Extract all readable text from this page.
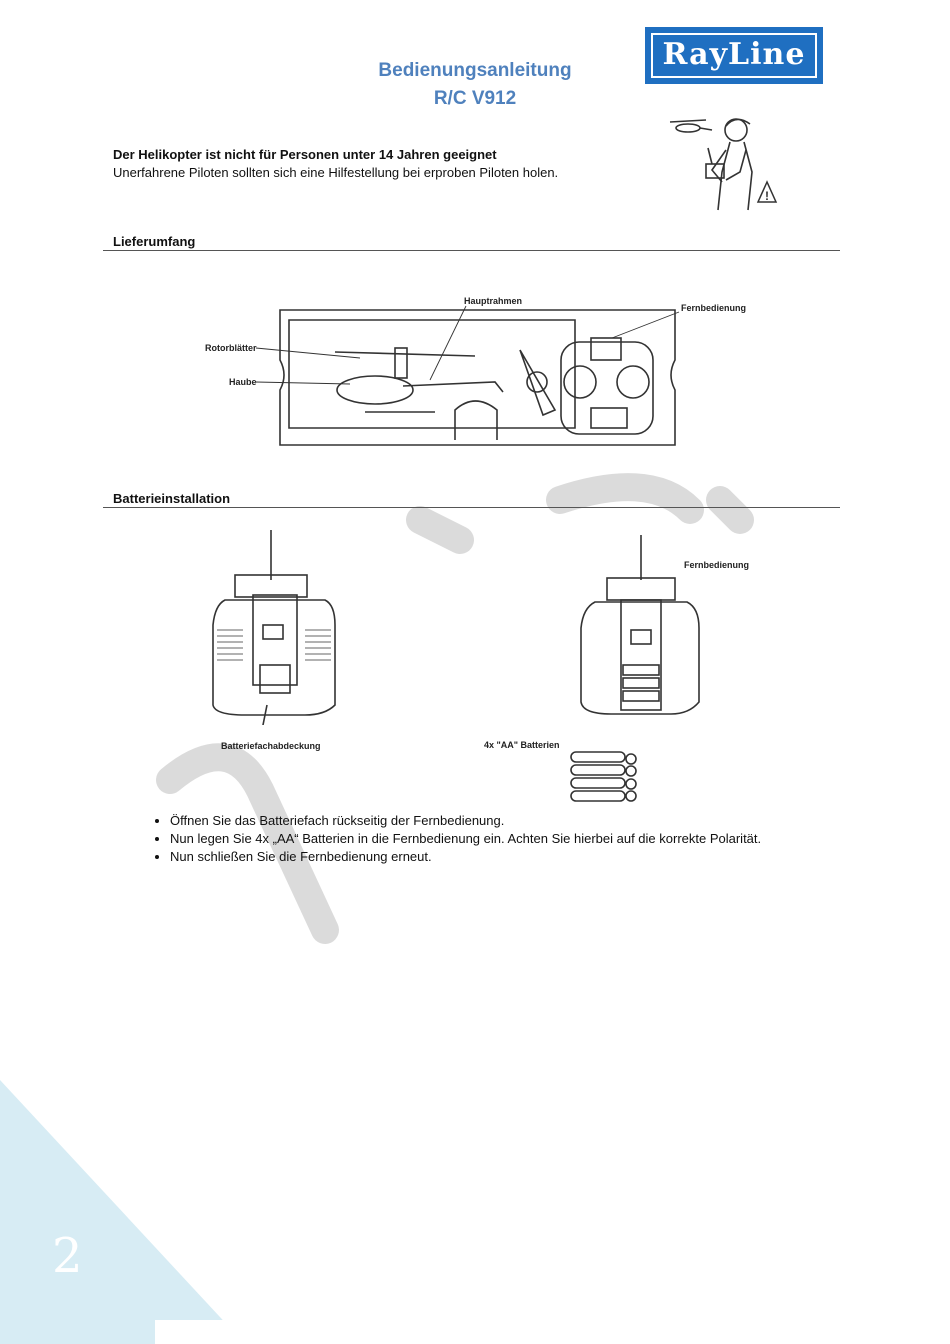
Bedienungsanleitung
R/C V912
RayLine
!
Der Helikopter ist nicht für Personen unter 14 Jahren geeignet
Unerfahrene Piloten sollten sich eine Hilfestellung bei erproben Piloten holen.
Lieferumfang
Hauptrahmen
Fernbedienung
Rotorblätter
Haube
Batterieinstallation
Batteriefachabdeckung
Fernbedienung
4x "AA" Batterien
• Öffnen Sie das Batteriefach rückseitig der Fernbedienung.
• Nun legen Sie 4x „AA“ Batterien in die Fernbedienung ein. Achten Sie hierbei auf die korrekte Polarität.
• Nun schließen Sie die Fernbedienung erneut.
2
